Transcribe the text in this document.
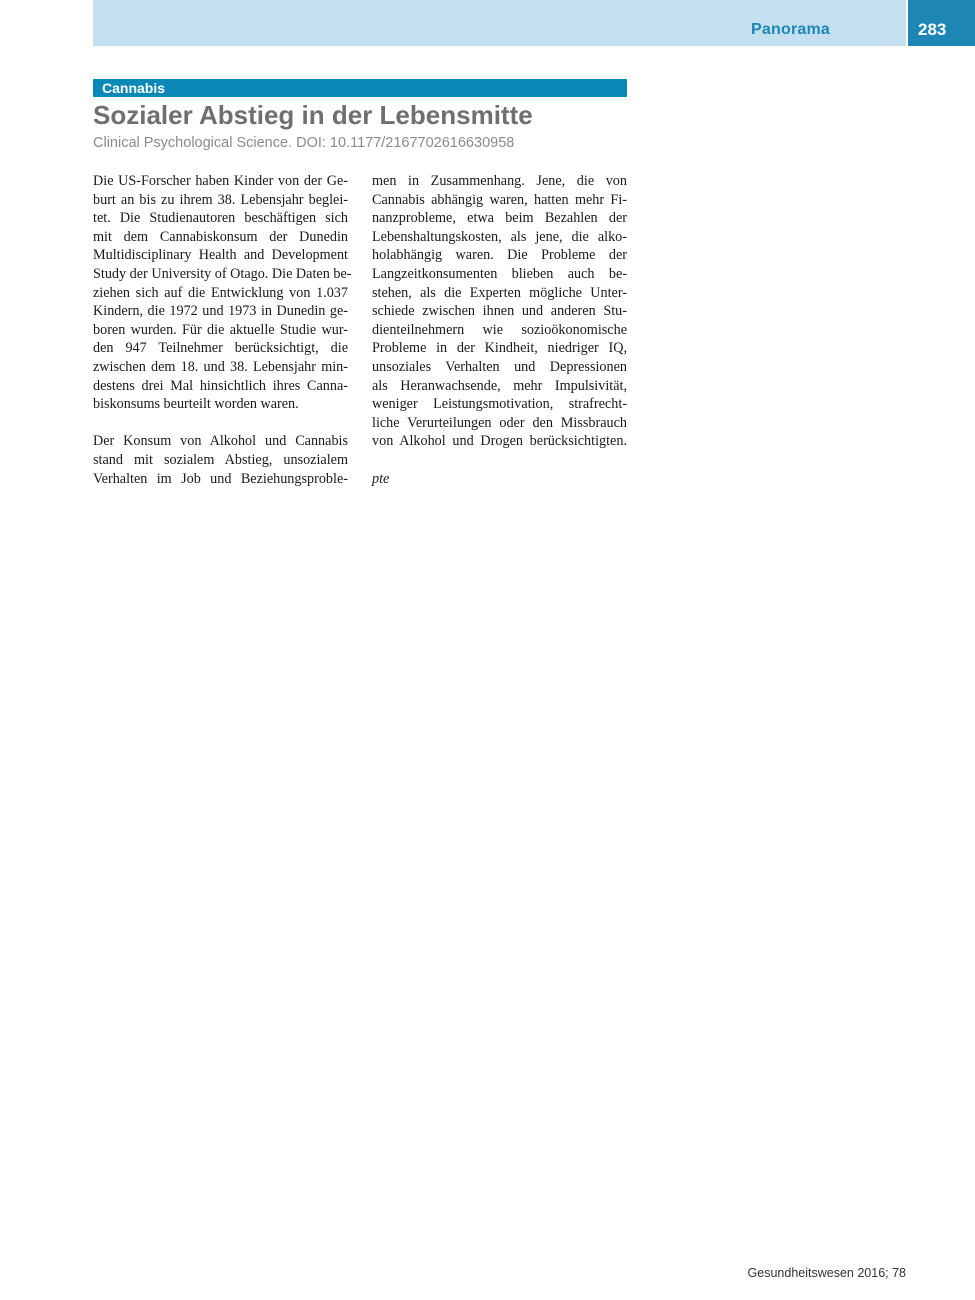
Panorama	283
Cannabis
Sozialer Abstieg in der Lebensmitte
Clinical Psychological Science. DOI: 10.1177/2167702616630958
Die US-Forscher haben Kinder von der Ge-
burt an bis zu ihrem 38. Lebensjahr beglei-
tet. Die Studienautoren beschäftigen sich
mit dem Cannabiskonsum der Dunedin
Multidisciplinary Health and Development
Study der University of Otago. Die Daten be-
ziehen sich auf die Entwicklung von 1.037
Kindern, die 1972 und 1973 in Dunedin ge-
boren wurden. Für die aktuelle Studie wur-
den 947 Teilnehmer berücksichtigt, die
zwischen dem 18. und 38. Lebensjahr min-
destens drei Mal hinsichtlich ihres Canna-
biskonsums beurteilt worden waren.
Der Konsum von Alkohol und Cannabis
stand mit sozialem Abstieg, unsozialem
Verhalten im Job und Beziehungsproble-
men in Zusammenhang. Jene, die von
Cannabis abhängig waren, hatten mehr Fi-
nanzprobleme, etwa beim Bezahlen der
Lebenshaltungskosten, als jene, die alko-
holabhängig waren. Die Probleme der
Langzeitkonsumenten blieben auch be-
stehen, als die Experten mögliche Unter-
schiede zwischen ihnen und anderen Stu-
dienteilnehmern wie sozioökonomische
Probleme in der Kindheit, niedriger IQ,
unsoziales Verhalten und Depressionen
als Heranwachsende, mehr Impulsivität,
weniger Leistungsmotivation, strafrecht-
liche Verurteilungen oder den Missbrauch
von Alkohol und Drogen berücksichtigten.
pte
Gesundheitswesen 2016; 78
